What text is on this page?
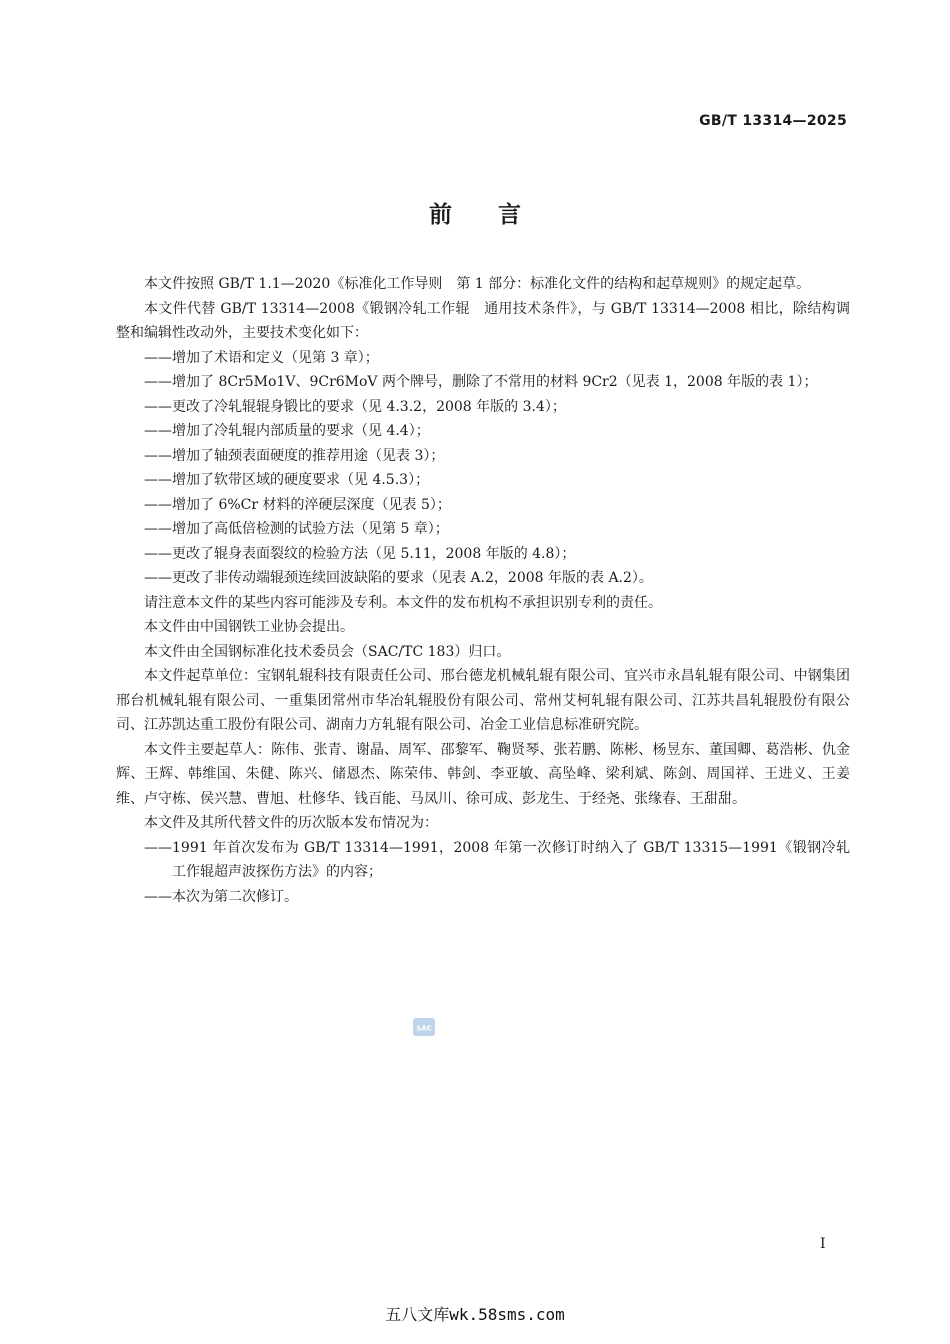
GB/T 13314—2025
前言

本文件按照 GB/T 1.1—2020《标准化工作导则　第 1 部分：标准化文件的结构和起草规则》的规定起草。

本文件代替 GB/T 13314—2008《锻钢冷轧工作辊　通用技术条件》，与 GB/T 13314—2008 相比，除结构调整和编辑性改动外，主要技术变化如下：

——增加了术语和定义（见第 3 章）；
——增加了 8Cr5Mo1V、9Cr6MoV 两个牌号，删除了不常用的材料 9Cr2（见表 1，2008 年版的表 1）；
——更改了冷轧辊辊身锻比的要求（见 4.3.2，2008 年版的 3.4）；
——增加了冷轧辊内部质量的要求（见 4.4）；
——增加了轴颈表面硬度的推荐用途（见表 3）；
——增加了软带区域的硬度要求（见 4.5.3）；
——增加了 6%Cr 材料的淬硬层深度（见表 5）；
——增加了高低倍检测的试验方法（见第 5 章）；
——更改了辊身表面裂纹的检验方法（见 5.11，2008 年版的 4.8）；
——更改了非传动端辊颈连续回波缺陷的要求（见表 A.2，2008 年版的表 A.2）。

请注意本文件的某些内容可能涉及专利。本文件的发布机构不承担识别专利的责任。

本文件由中国钢铁工业协会提出。

本文件由全国钢标准化技术委员会（SAC/TC 183）归口。

本文件起草单位：宝钢轧辊科技有限责任公司、邢台德龙机械轧辊有限公司、宜兴市永昌轧辊有限公司、中钢集团邢台机械轧辊有限公司、一重集团常州市华冶轧辊股份有限公司、常州艾柯轧辊有限公司、江苏共昌轧辊股份有限公司、江苏凯达重工股份有限公司、湖南力方轧辊有限公司、冶金工业信息标准研究院。

本文件主要起草人：陈伟、张青、谢晶、周军、邵黎军、鞠贤琴、张若鹏、陈彬、杨昱东、董国卿、葛浩彬、仇金辉、王辉、韩维国、朱健、陈兴、储恩杰、陈荣伟、韩剑、李亚敏、高坠峰、梁利斌、陈剑、周国祥、王进义、王姜维、卢守栋、侯兴慧、曹旭、杜修华、钱百能、马凤川、徐可成、彭龙生、于经尧、张缘春、王甜甜。

本文件及其所代替文件的历次版本发布情况为：

——1991 年首次发布为 GB/T 13314—1991，2008 年第一次修订时纳入了 GB/T 13315—1991《锻钢冷轧工作辊超声波探伤方法》的内容；
——本次为第二次修订。
SAC
I
五八文库wk.58sms.com
